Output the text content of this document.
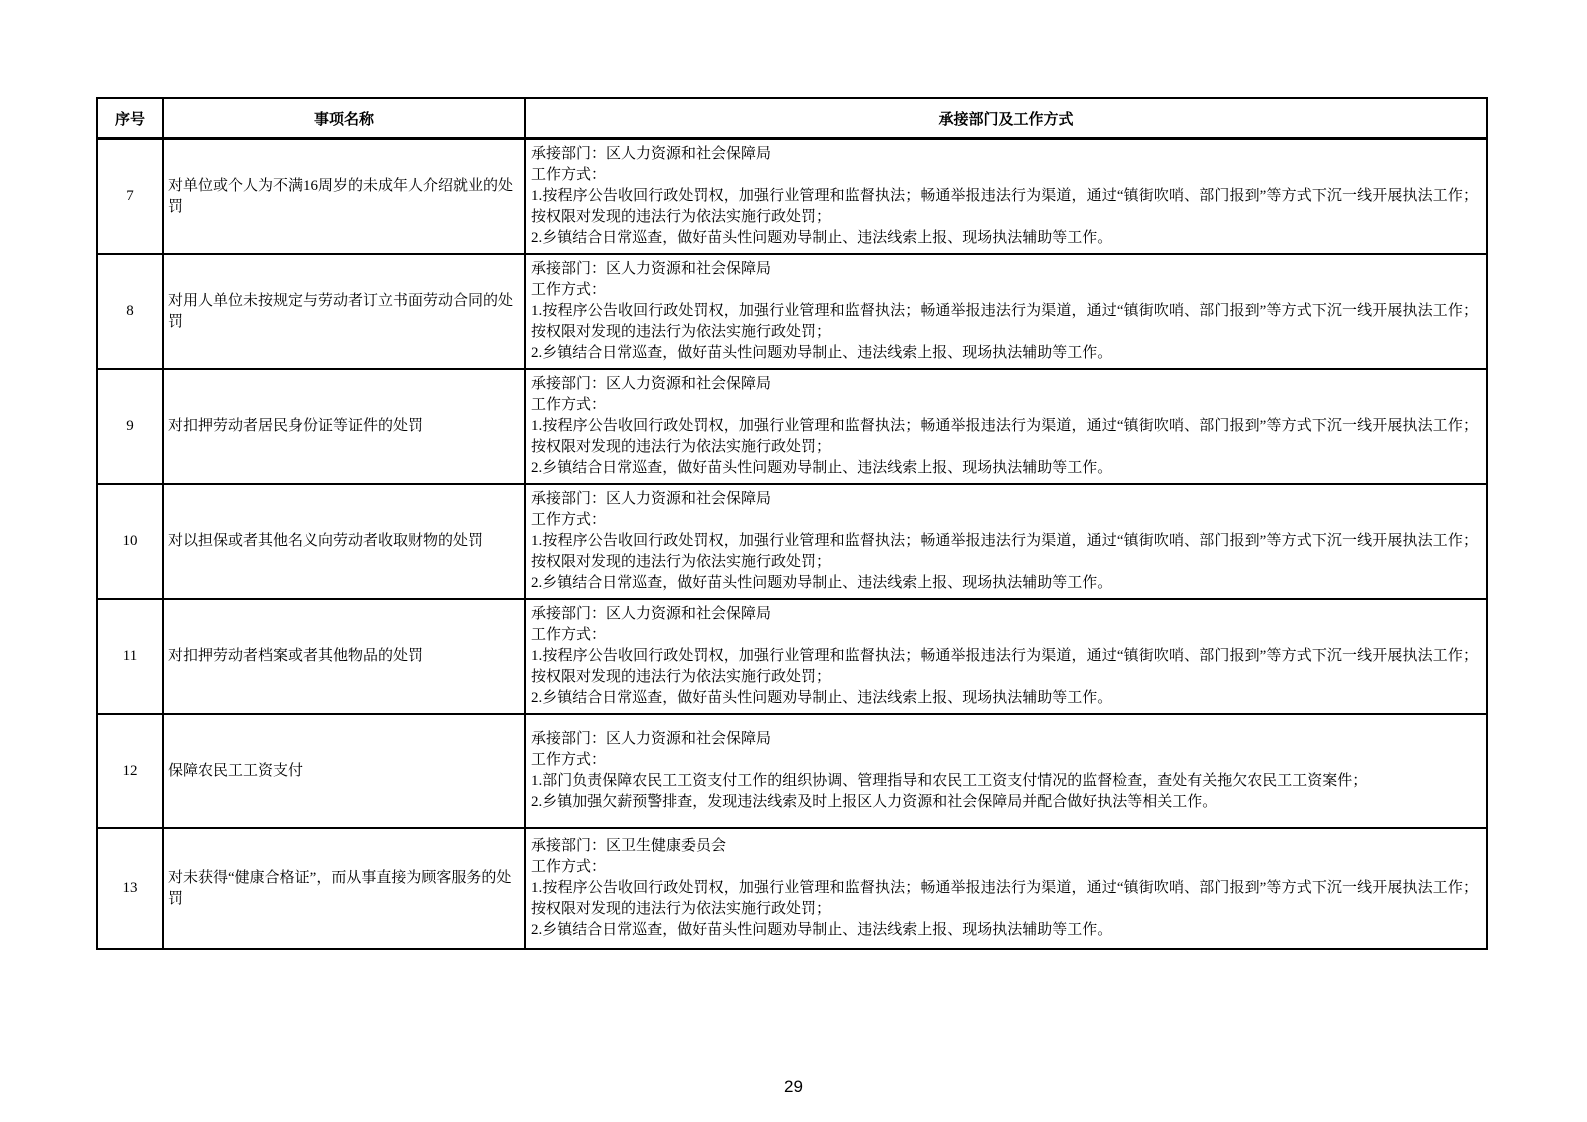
序号	事项名称	承接部门及工作方式
7	对单位或个人为不满16周岁的未成年人介绍就业的处罚	承接部门：区人力资源和社会保障局
工作方式：
1.按程序公告收回行政处罚权，加强行业管理和监督执法；畅通举报违法行为渠道，通过“镇街吹哨、部门报到”等方式下沉一线开展执法工作；按权限对发现的违法行为依法实施行政处罚；
2.乡镇结合日常巡查，做好苗头性问题劝导制止、违法线索上报、现场执法辅助等工作。

8	对用人单位未按规定与劳动者订立书面劳动合同的处罚	承接部门：区人力资源和社会保障局
工作方式：
1.按程序公告收回行政处罚权，加强行业管理和监督执法；畅通举报违法行为渠道，通过“镇街吹哨、部门报到”等方式下沉一线开展执法工作；按权限对发现的违法行为依法实施行政处罚；
2.乡镇结合日常巡查，做好苗头性问题劝导制止、违法线索上报、现场执法辅助等工作。

9	对扣押劳动者居民身份证等证件的处罚	承接部门：区人力资源和社会保障局
工作方式：
1.按程序公告收回行政处罚权，加强行业管理和监督执法；畅通举报违法行为渠道，通过“镇街吹哨、部门报到”等方式下沉一线开展执法工作；按权限对发现的违法行为依法实施行政处罚；
2.乡镇结合日常巡查，做好苗头性问题劝导制止、违法线索上报、现场执法辅助等工作。

10	对以担保或者其他名义向劳动者收取财物的处罚	承接部门：区人力资源和社会保障局
工作方式：
1.按程序公告收回行政处罚权，加强行业管理和监督执法；畅通举报违法行为渠道，通过“镇街吹哨、部门报到”等方式下沉一线开展执法工作；按权限对发现的违法行为依法实施行政处罚；
2.乡镇结合日常巡查，做好苗头性问题劝导制止、违法线索上报、现场执法辅助等工作。

11	对扣押劳动者档案或者其他物品的处罚	承接部门：区人力资源和社会保障局
工作方式：
1.按程序公告收回行政处罚权，加强行业管理和监督执法；畅通举报违法行为渠道，通过“镇街吹哨、部门报到”等方式下沉一线开展执法工作；按权限对发现的违法行为依法实施行政处罚；
2.乡镇结合日常巡查，做好苗头性问题劝导制止、违法线索上报、现场执法辅助等工作。

12	保障农民工工资支付	承接部门：区人力资源和社会保障局
工作方式：
1.部门负责保障农民工工资支付工作的组织协调、管理指导和农民工工资支付情况的监督检查，查处有关拖欠农民工工资案件；
2.乡镇加强欠薪预警排查，发现违法线索及时上报区人力资源和社会保障局并配合做好执法等相关工作。

13	对未获得“健康合格证”，而从事直接为顾客服务的处罚	承接部门：区卫生健康委员会
工作方式：
1.按程序公告收回行政处罚权，加强行业管理和监督执法；畅通举报违法行为渠道，通过“镇街吹哨、部门报到”等方式下沉一线开展执法工作；按权限对发现的违法行为依法实施行政处罚；
2.乡镇结合日常巡查，做好苗头性问题劝导制止、违法线索上报、现场执法辅助等工作。
29
